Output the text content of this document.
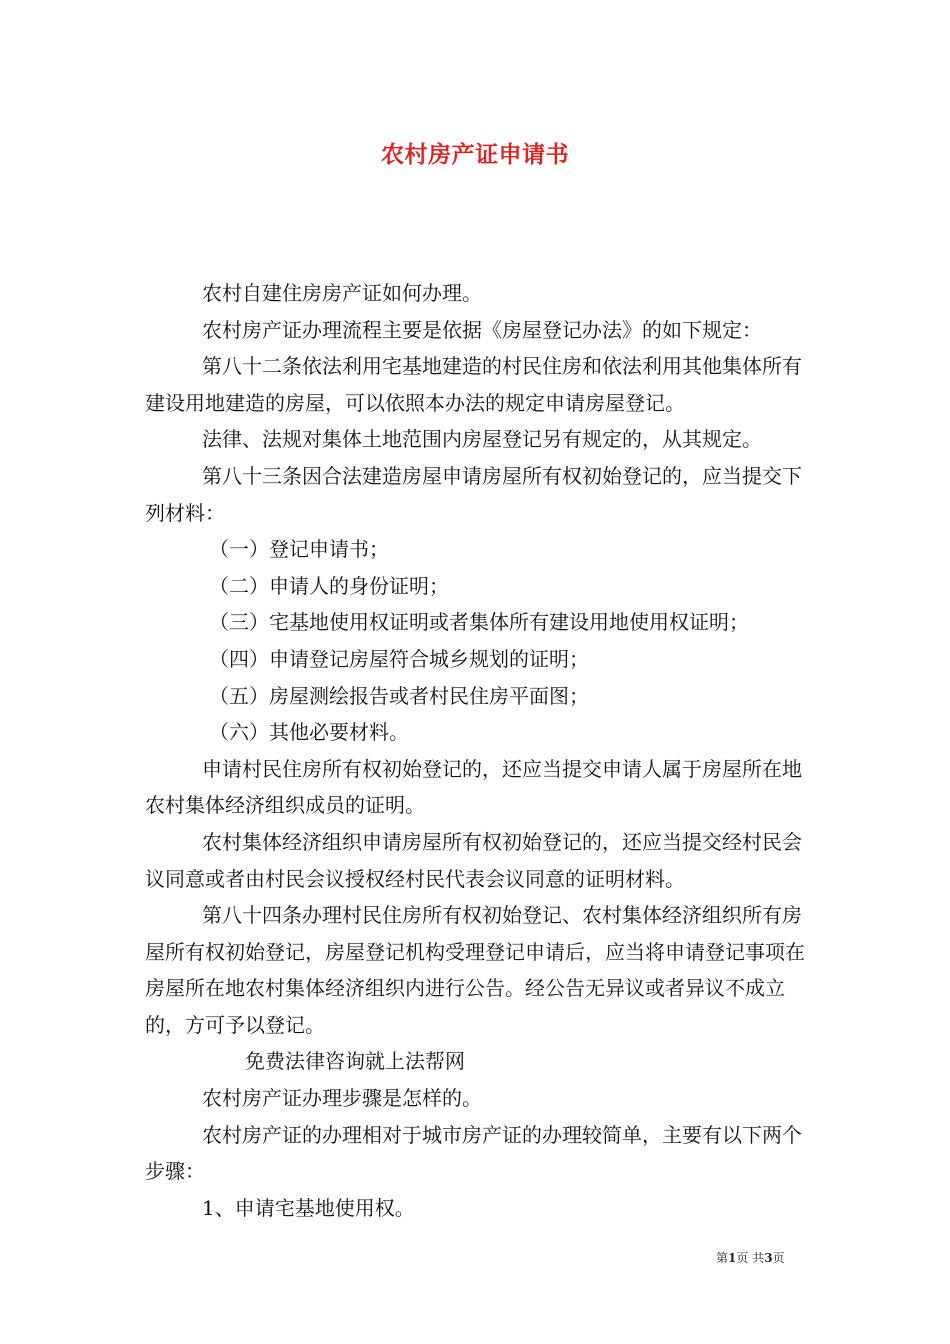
农村房产证申请书

农村自建住房房产证如何办理。

农村房产证办理流程主要是依据《房屋登记办法》的如下规定：

第八十二条依法利用宅基地建造的村民住房和依法利用其他集体所有建设用地建造的房屋，可以依照本办法的规定申请房屋登记。

法律、法规对集体土地范围内房屋登记另有规定的，从其规定。

第八十三条因合法建造房屋申请房屋所有权初始登记的，应当提交下列材料：

（一）登记申请书；

（二）申请人的身份证明；

（三）宅基地使用权证明或者集体所有建设用地使用权证明；

（四）申请登记房屋符合城乡规划的证明；

（五）房屋测绘报告或者村民住房平面图；

（六）其他必要材料。

申请村民住房所有权初始登记的，还应当提交申请人属于房屋所在地农村集体经济组织成员的证明。

农村集体经济组织申请房屋所有权初始登记的，还应当提交经村民会议同意或者由村民会议授权经村民代表会议同意的证明材料。

第八十四条办理村民住房所有权初始登记、农村集体经济组织所有房屋所有权初始登记，房屋登记机构受理登记申请后，应当将申请登记事项在房屋所在地农村集体经济组织内进行公告。经公告无异议或者异议不成立的，方可予以登记。

免费法律咨询就上法帮网

农村房产证办理步骤是怎样的。

农村房产证的办理相对于城市房产证的办理较简单，主要有以下两个步骤：

1、申请宅基地使用权。

第1页 共3页
